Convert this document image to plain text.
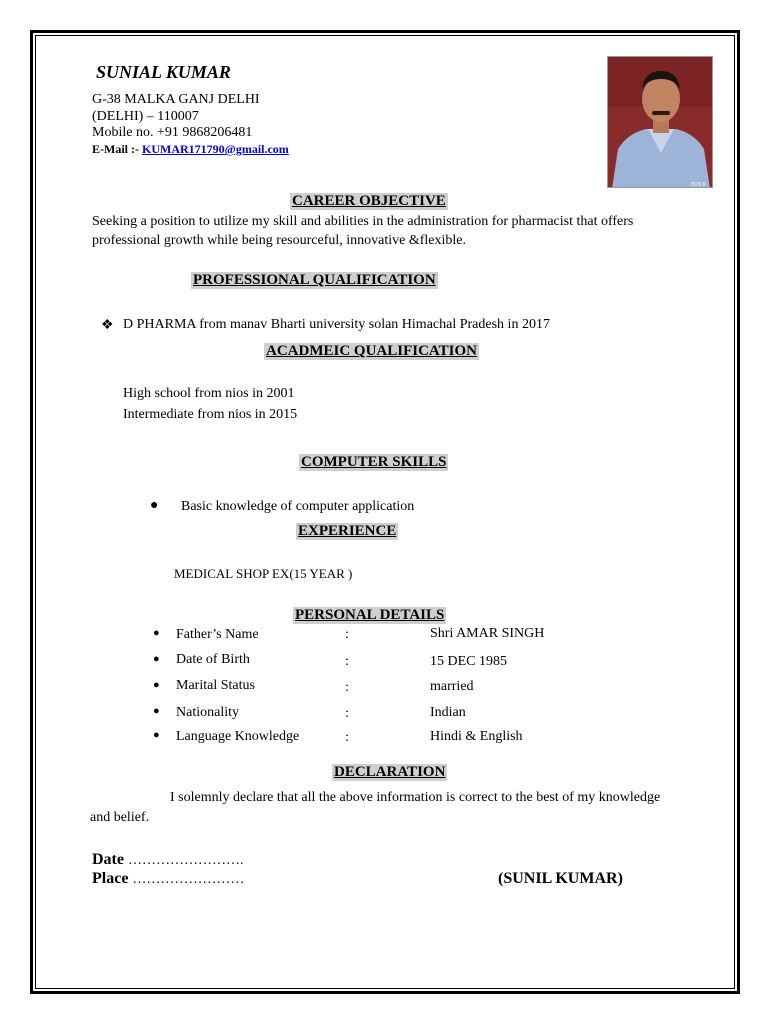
SUNIAL KUMAR
G-38 MALKA GANJ DELHI
(DELHI) – 110007
Mobile no. +91 9868206481
E-Mail :- KUMAR171790@gmail.com
7570 K
CAREER OBJECTIVE
Seeking a position to utilize my skill and abilities in the administration for pharmacist that offers professional growth while being resourceful, innovative &flexible.
PROFESSIONAL QUALIFICATION
❖ D PHARMA from manav Bharti university solan Himachal Pradesh in 2017
ACADMEIC QUALIFICATION
High school from nios in 2001
Intermediate from nios in 2015
COMPUTER SKILLS
● Basic knowledge of computer application
EXPERIENCE
MEDICAL SHOP EX(15 YEAR )
PERSONAL DETAILS
● Father’s Name	:	Shri AMAR SINGH
● Date of Birth	:	15 DEC 1985
● Marital Status	:	married
● Nationality	:	Indian
● Language Knowledge	:	Hindi & English
DECLARATION
I solemnly declare that all the above information is correct to the best of my knowledge and belief.
Date …………………….
Place ……………………	(SUNIL KUMAR)
